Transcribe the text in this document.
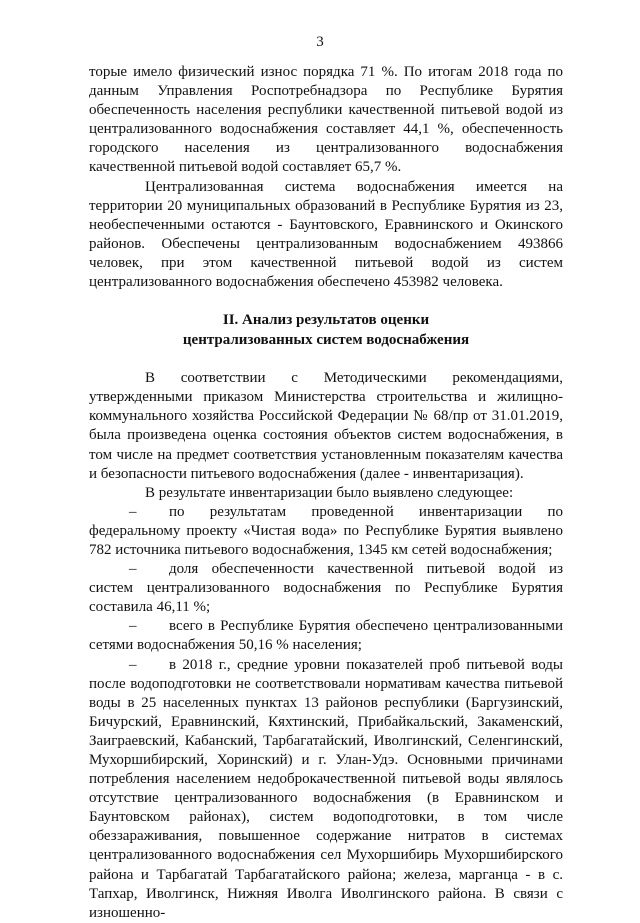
3

торые имело физический износ порядка 71 %. По итогам 2018 года по данным Управления Роспотребнадзора по Республике Бурятия обеспеченность населения республики качественной питьевой водой из централизованного водоснабжения составляет 44,1 %, обеспеченность городского населения из централизованного водоснабжения качественной питьевой водой составляет 65,7 %.

Централизованная система водоснабжения имеется на территории 20 муниципальных образований в Республике Бурятия из 23, необеспеченными остаются - Баунтовского, Еравнинского и Окинского районов. Обеспечены централизованным водоснабжением 493866 человек, при этом качественной питьевой водой из систем централизованного водоснабжения обеспечено 453982 человека.

II. Анализ результатов оценки

централизованных систем водоснабжения

В соответствии с Методическими рекомендациями, утвержденными приказом Министерства строительства и жилищно-коммунального хозяйства Российской Федерации № 68/пр от 31.01.2019, была произведена оценка состояния объектов систем водоснабжения, в том числе на предмет соответствия установленным показателям качества и безопасности питьевого водоснабжения (далее - инвентаризация).

В результате инвентаризации было выявлено следующее:

– по результатам проведенной инвентаризации по федеральному проекту «Чистая вода» по Республике Бурятия выявлено 782 источника питьевого водоснабжения, 1345 км сетей водоснабжения;

– доля обеспеченности качественной питьевой водой из систем централизованного водоснабжения по Республике Бурятия составила 46,11 %;

– всего в Республике Бурятия обеспечено централизованными сетями водоснабжения 50,16 % населения;

– в 2018 г., средние уровни показателей проб питьевой воды после водоподготовки не соответствовали нормативам качества питьевой воды в 25 населенных пунктах 13 районов республики (Баргузинский, Бичурский, Еравнинский, Кяхтинский, Прибайкальский, Закаменский, Заиграевский, Кабанский, Тарбагатайский, Иволгинский, Селенгинский, Мухоршибирский, Хоринский) и г. Улан-Удэ. Основными причинами потребления населением недоброкачественной питьевой воды являлось отсутствие централизованного водоснабжения (в Еравнинском и Баунтовском районах), систем водоподготовки, в том числе обеззараживания, повышенное содержание нитратов в системах централизованного водоснабжения сел Мухоршибирь Мухоршибирского района и Тарбагатай Тарбагатайского района; железа, марганца - в с. Тапхар, Иволгинск, Нижняя Иволга Иволгинского района. В связи с изношенно-
